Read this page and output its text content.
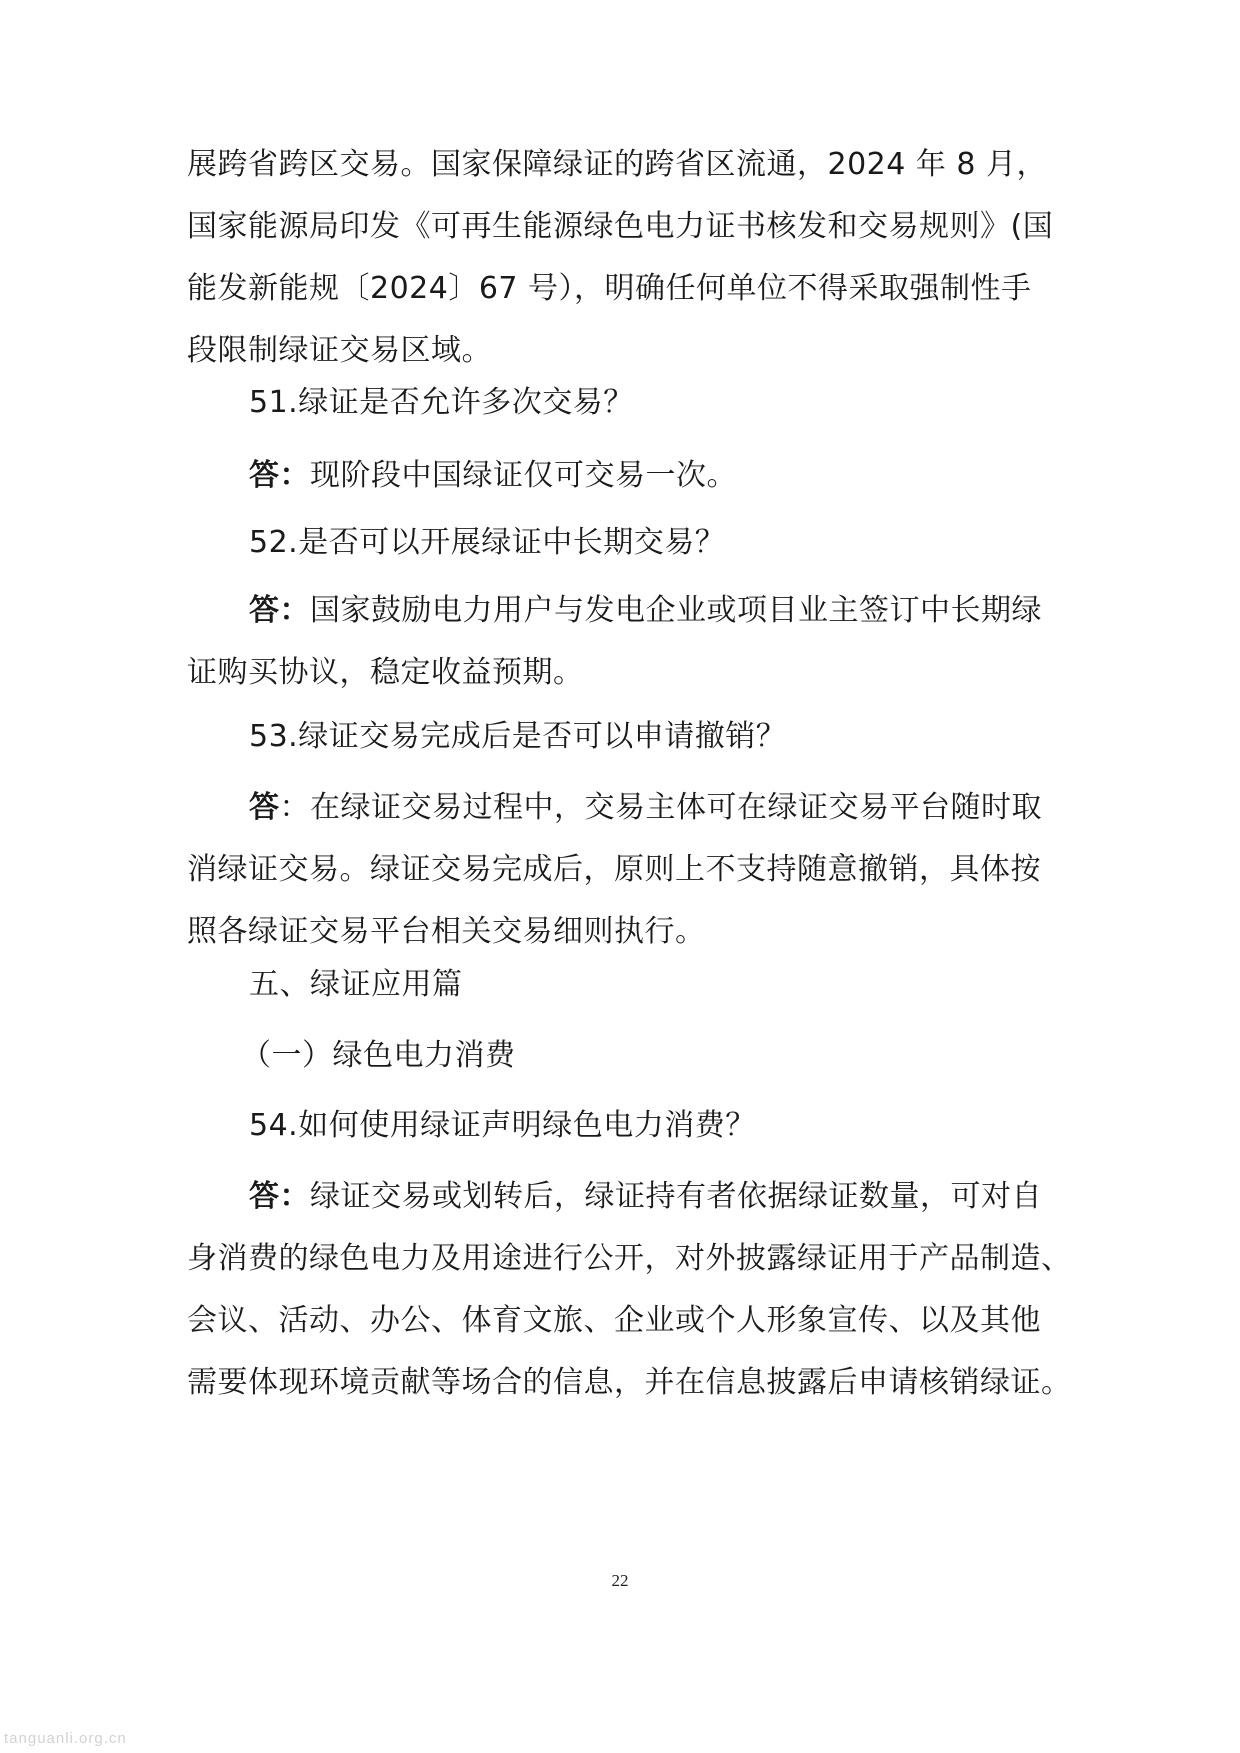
展跨省跨区交易。国家保障绿证的跨省区流通，2024 年 8 月，
国家能源局印发《可再生能源绿色电力证书核发和交易规则》(国
能发新能规〔2024〕67 号），明确任何单位不得采取强制性手
段限制绿证交易区域。
51.绿证是否允许多次交易？
答：现阶段中国绿证仅可交易一次。
52.是否可以开展绿证中长期交易？
答：国家鼓励电力用户与发电企业或项目业主签订中长期绿
证购买协议，稳定收益预期。
53.绿证交易完成后是否可以申请撤销？
答：在绿证交易过程中，交易主体可在绿证交易平台随时取
消绿证交易。绿证交易完成后，原则上不支持随意撤销，具体按
照各绿证交易平台相关交易细则执行。
五、绿证应用篇
（一）绿色电力消费
54.如何使用绿证声明绿色电力消费？
答：绿证交易或划转后，绿证持有者依据绿证数量，可对自
身消费的绿色电力及用途进行公开，对外披露绿证用于产品制造、
会议、活动、办公、体育文旅、企业或个人形象宣传、以及其他
需要体现环境贡献等场合的信息，并在信息披露后申请核销绿证。
22
tanguanli.org.cn
